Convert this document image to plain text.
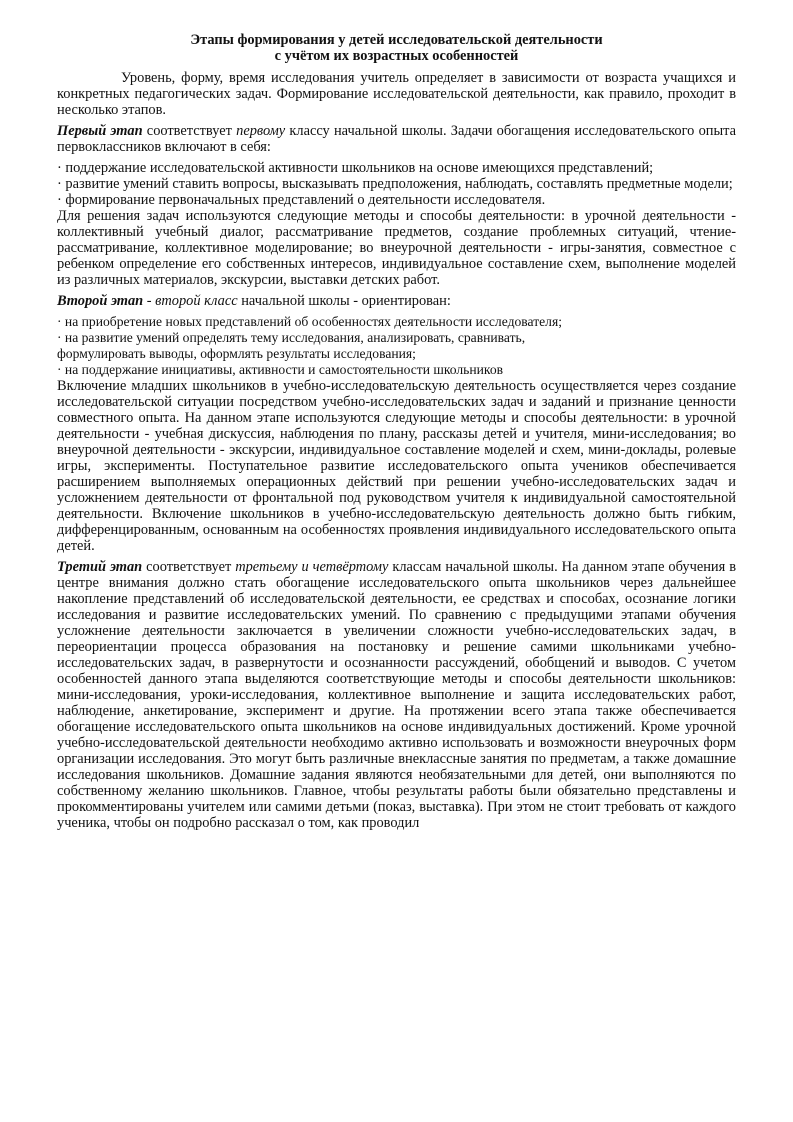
Этапы формирования у детей исследовательской деятельности
с учётом их возрастных особенностей

Уровень, форму, время исследования учитель определяет в зависимости от возраста учащихся и конкретных педагогических задач. Формирование исследовательской деятельности, как правило, проходит в несколько этапов.

Первый этап соответствует первому классу начальной школы. Задачи обогащения исследовательского опыта первоклассников включают в себя:

· поддержание исследовательской активности школьников на основе имеющихся представлений;

· развитие умений ставить вопросы, высказывать предположения, наблюдать, составлять предметные модели;

· формирование первоначальных представлений о деятельности исследователя.

Для решения задач используются следующие методы и способы деятельности: в урочной деятельности - коллективный учебный диалог, рассматривание предметов, создание проблемных ситуаций, чтение-рассматривание, коллективное моделирование; во внеурочной деятельности - игры-занятия, совместное с ребенком определение его собственных интересов, индивидуальное составление схем, выполнение моделей из различных материалов, экскурсии, выставки детских работ.

Второй этап - второй класс начальной школы - ориентирован:

· на приобретение новых представлений об особенностях деятельности исследователя;

· на развитие умений определять тему исследования, анализировать, сравнивать,

формулировать выводы, оформлять результаты исследования;

· на поддержание инициативы, активности и самостоятельности школьников

Включение младших школьников в учебно-исследовательскую деятельность осуществляется через создание исследовательской ситуации посредством учебно-исследовательских задач и заданий и признание ценности совместного опыта. На данном этапе используются следующие методы и способы деятельности: в урочной деятельности - учебная дискуссия, наблюдения по плану, рассказы детей и учителя, мини-исследования; во внеурочной деятельности - экскурсии, индивидуальное составление моделей и схем, мини-доклады, ролевые игры, эксперименты. Поступательное развитие исследовательского опыта учеников обеспечивается расширением выполняемых операционных действий при решении учебно-исследовательских задач и усложнением деятельности от фронтальной под руководством учителя к индивидуальной самостоятельной деятельности. Включение школьников в учебно-исследовательскую деятельность должно быть гибким, дифференцированным, основанным на особенностях проявления индивидуального исследовательского опыта детей.

Третий этап соответствует третьему и четвёртому классам начальной школы. На данном этапе обучения в центре внимания должно стать обогащение исследовательского опыта школьников через дальнейшее накопление представлений об исследовательской деятельности, ее средствах и способах, осознание логики исследования и развитие исследовательских умений. По сравнению с предыдущими этапами обучения усложнение деятельности заключается в увеличении сложности учебно-исследовательских задач, в переориентации процесса образования на постановку и решение самими школьниками учебно-исследовательских задач, в развернутости и осознанности рассуждений, обобщений и выводов. С учетом особенностей данного этапа выделяются соответствующие методы и способы деятельности школьников: мини-исследования, уроки-исследования, коллективное выполнение и защита исследовательских работ, наблюдение, анкетирование, эксперимент и другие. На протяжении всего этапа также обеспечивается обогащение исследовательского опыта школьников на основе индивидуальных достижений. Кроме урочной учебно-исследовательской деятельности необходимо активно использовать и возможности внеурочных форм организации исследования. Это могут быть различные внеклассные занятия по предметам, а также домашние исследования школьников. Домашние задания являются необязательными для детей, они выполняются по собственному желанию школьников. Главное, чтобы результаты работы были обязательно представлены и прокомментированы учителем или самими детьми (показ, выставка). При этом не стоит требовать от каждого ученика, чтобы он подробно рассказал о том, как проводил
